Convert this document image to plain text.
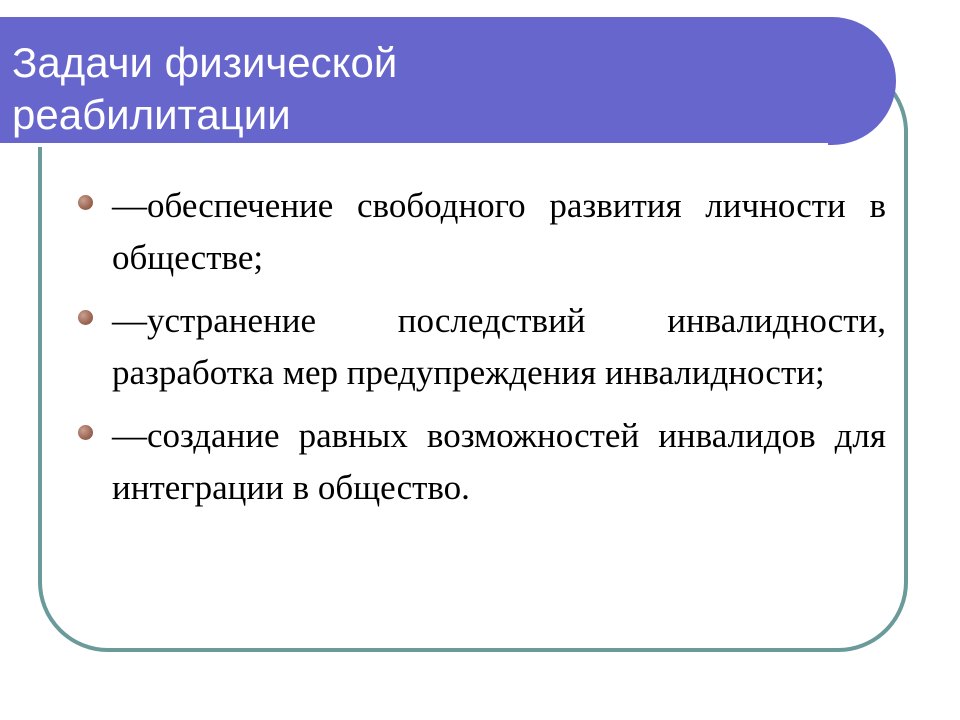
Задачи физической
реабилитации
—обеспечение свободного развития личности в обществе;
—устранение последствий инвалидности, разработка мер предупреждения инвалидности;
—создание равных возможностей инвалидов для интеграции в общество.
